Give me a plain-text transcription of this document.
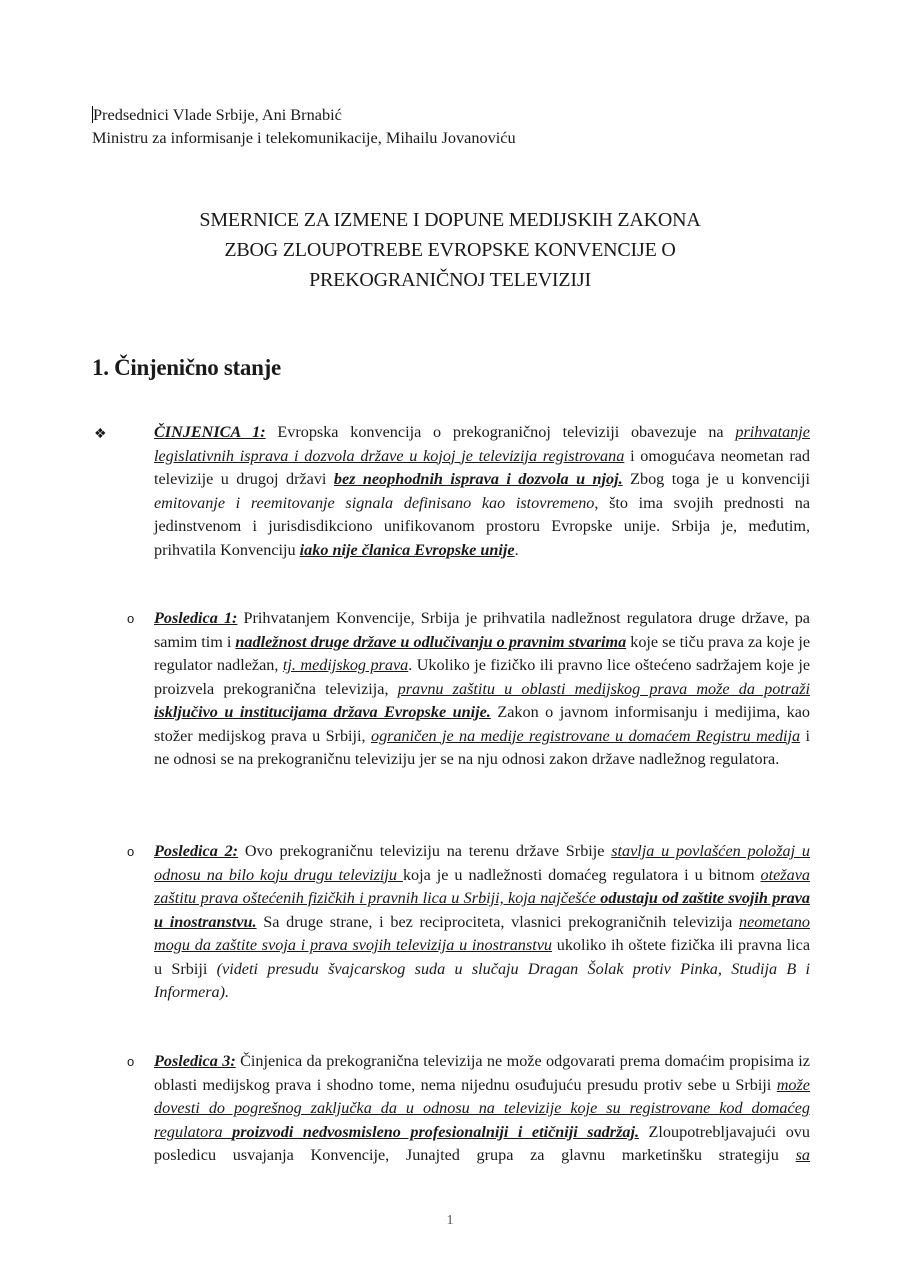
Predsednici Vlade Srbije, Ani Brnabić
Ministru za informisanje i telekomunikacije, Mihailu Jovanoviću
SMERNICE ZA IZMENE I DOPUNE MEDIJSKIH ZAKONA
ZBOG ZLOUPOTREBE EVROPSKE KONVENCIJE O
PREKOGRANIČNOJ TELEVIZIJI
1. Činjenično stanje
❖	ČINJENICA 1: Evropska konvencija o prekograničnoj televiziji obavezuje na prihvatanje legislativnih isprava i dozvola države u kojoj je televizija registrovana i omogućava neometan rad televizije u drugoj državi bez neophodnih isprava i dozvola u njoj. Zbog toga je u konvenciji emitovanje i reemitovanje signala definisano kao istovremeno, što ima svojih prednosti na jedinstvenom i jurisdisdikciono unifikovanom prostoru Evropske unije. Srbija je, međutim, prihvatila Konvenciju iako nije članica Evropske unije.
o Posledica 1: Prihvatanjem Konvencije, Srbija je prihvatila nadležnost regulatora druge države, pa samim tim i nadležnost druge države u odlučivanju o pravnim stvarima koje se tiču prava za koje je regulator nadležan, tj. medijskog prava. Ukoliko je fizičko ili pravno lice oštećeno sadržajem koje je proizvela prekogranična televizija, pravnu zaštitu u oblasti medijskog prava može da potraži isključivo u institucijama država Evropske unije. Zakon o javnom informisanju i medijima, kao stožer medijskog prava u Srbiji, ograničen je na medije registrovane u domaćem Registru medija i ne odnosi se na prekograničnu televiziju jer se na nju odnosi zakon države nadležnog regulatora.
o Posledica 2: Ovo prekograničnu televiziju na terenu države Srbije stavlja u povlašćen položaj u odnosu na bilo koju drugu televiziju koja je u nadležnosti domaćeg regulatora i u bitnom otežava zaštitu prava oštećenih fizičkih i pravnih lica u Srbiji, koja najčešće odustaju od zaštite svojih prava u inostranstvu. Sa druge strane, i bez reciprociteta, vlasnici prekograničnih televizija neometano mogu da zaštite svoja i prava svojih televizija u inostranstvu ukoliko ih oštete fizička ili pravna lica u Srbiji (videti presudu švajcarskog suda u slučaju Dragan Šolak protiv Pinka, Studija B i Informera).
o Posledica 3: Činjenica da prekogranična televizija ne može odgovarati prema domaćim propisima iz oblasti medijskog prava i shodno tome, nema nijednu osuđujuću presudu protiv sebe u Srbiji može dovesti do pogrešnog zaključka da u odnosu na televizije koje su registrovane kod domaćeg regulatora proizvodi nedvosmisleno profesionalniji i etičniji sadržaj. Zloupotrebljavajući ovu posledicu usvajanja Konvencije, Junajted grupa za glavnu marketinšku strategiju sa
1
